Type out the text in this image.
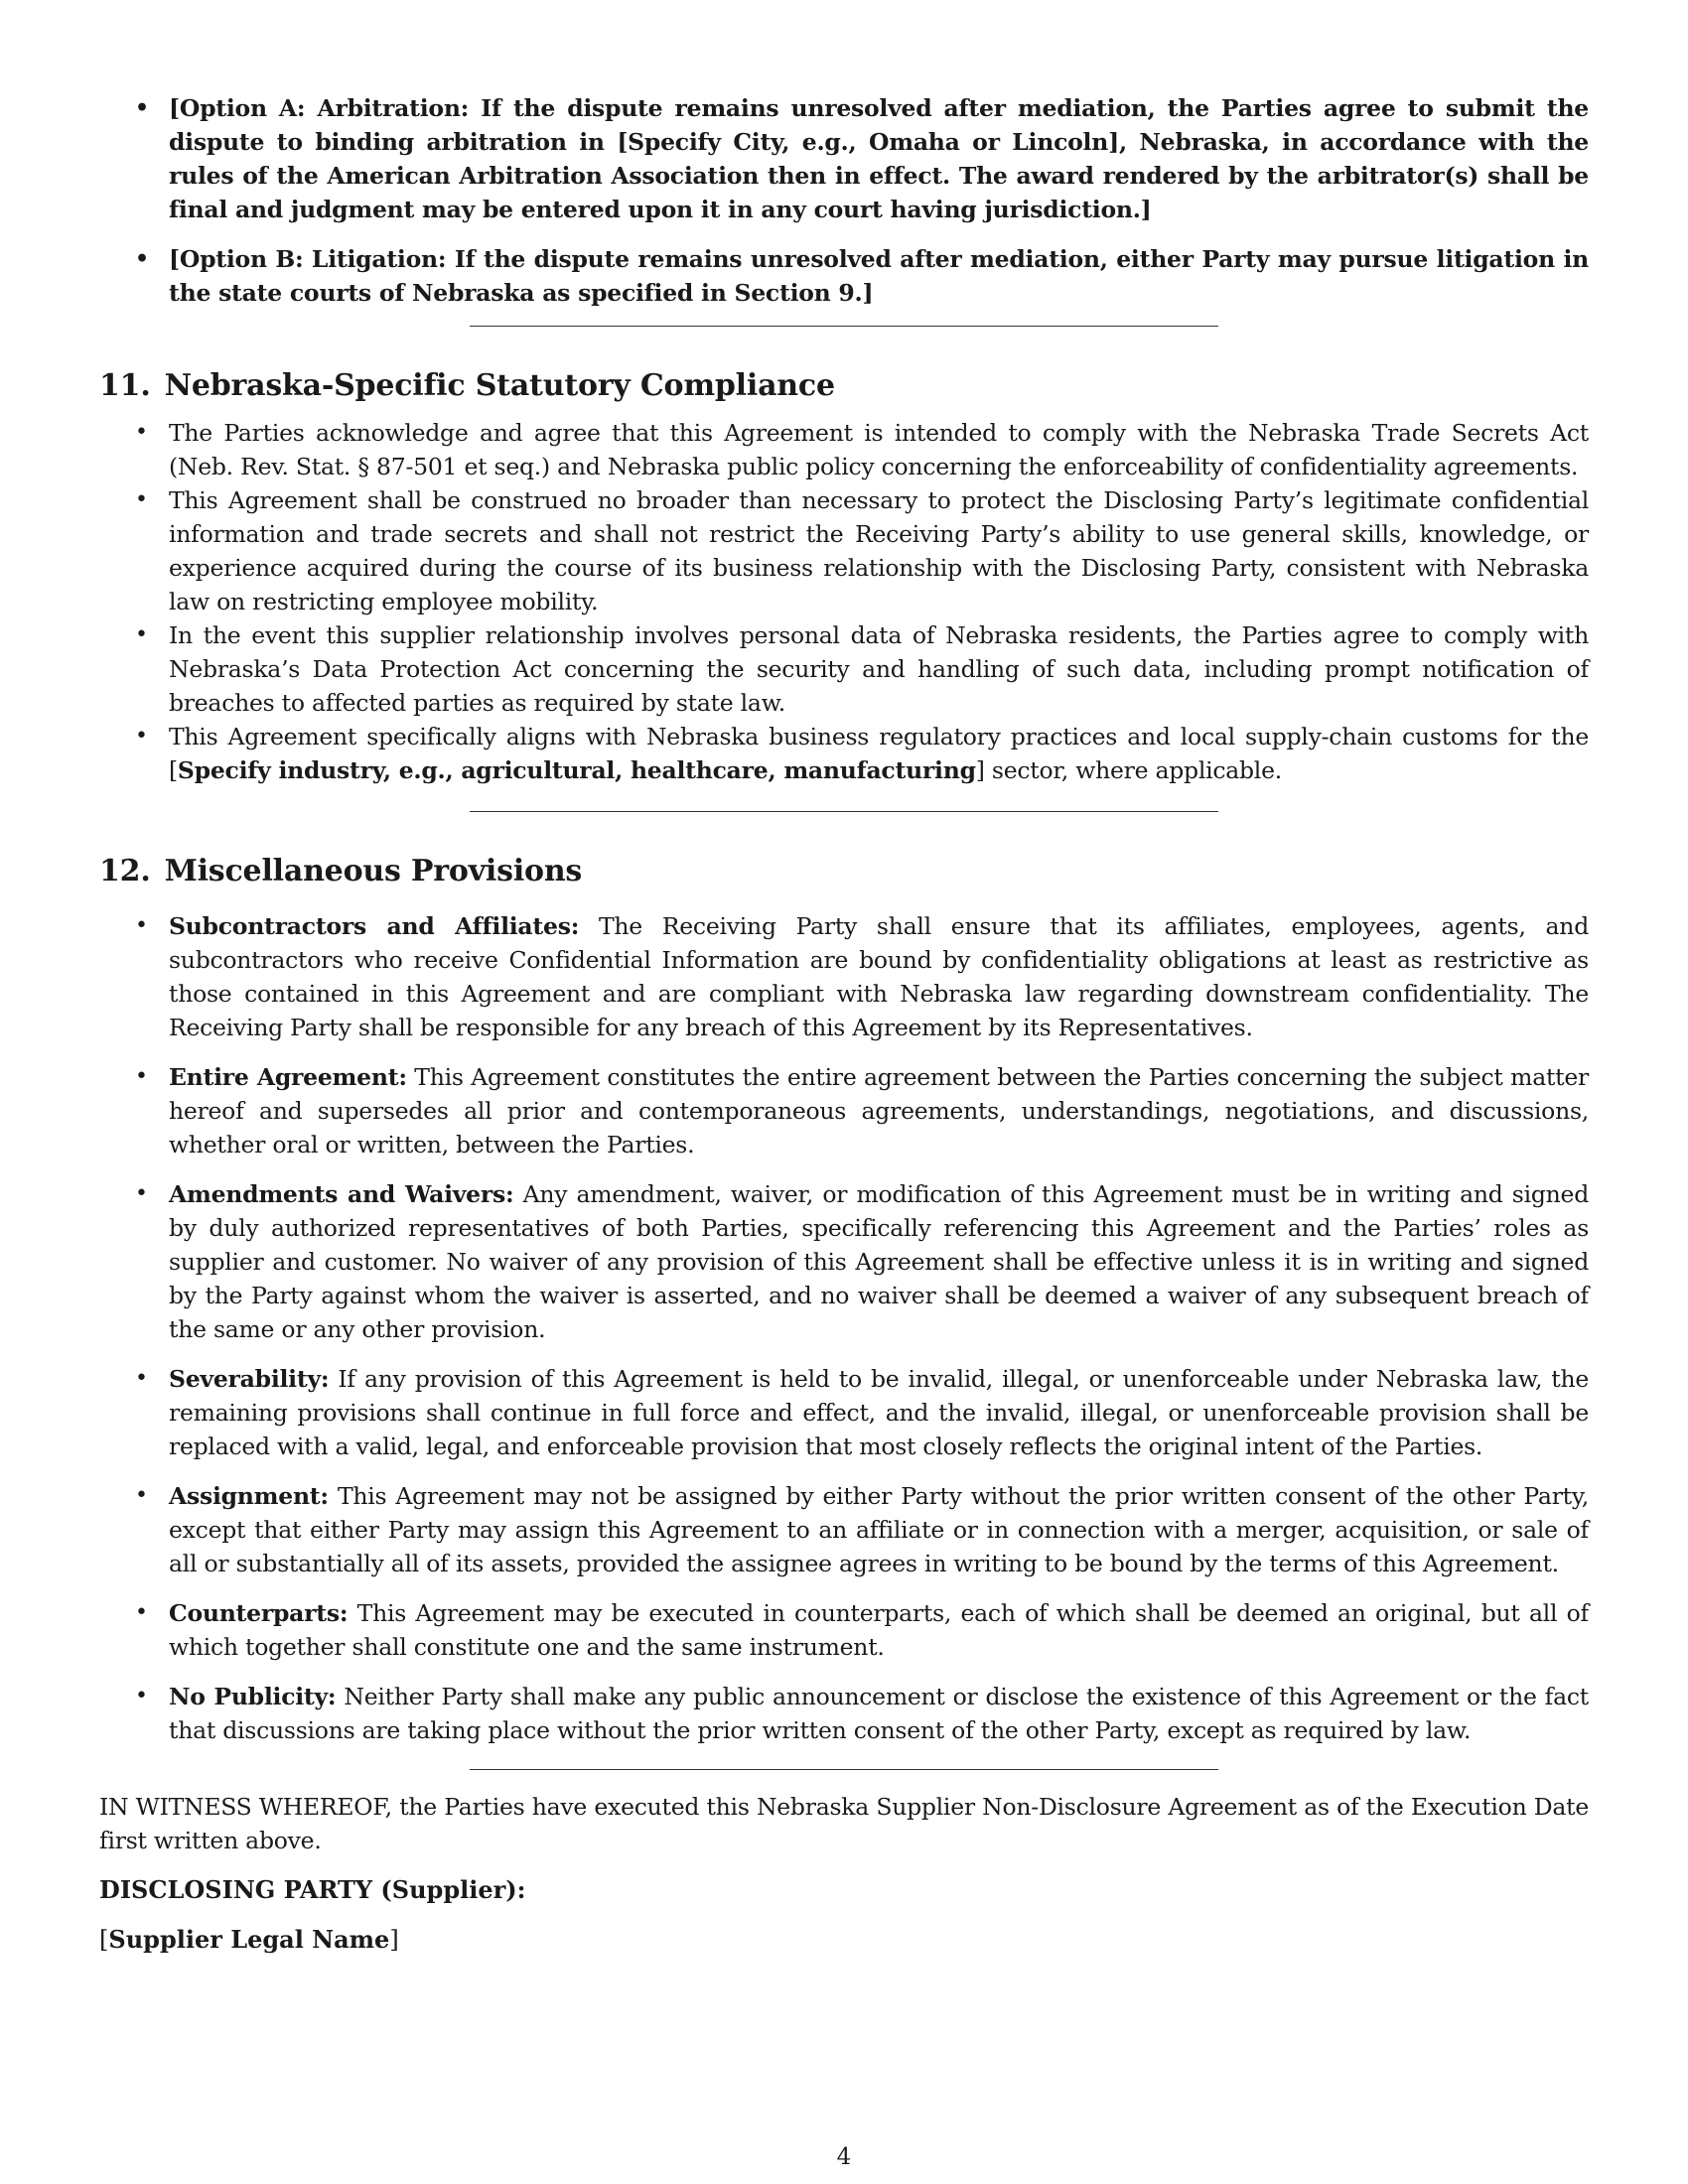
• [Option A: Arbitration: If the dispute remains unresolved after mediation, the Parties agree to submit the dispute to binding arbitration in [Specify City, e.g., Omaha or Lincoln], Nebraska, in accordance with the rules of the American Arbitration Association then in effect. The award rendered by the arbitrator(s) shall be final and judgment may be entered upon it in any court having jurisdiction.]
• [Option B: Litigation: If the dispute remains unresolved after mediation, either Party may pursue litigation in the state courts of Nebraska as specified in Section 9.]
11. Nebraska-Specific Statutory Compliance
• The Parties acknowledge and agree that this Agreement is intended to comply with the Nebraska Trade Secrets Act (Neb. Rev. Stat. § 87-501 et seq.) and Nebraska public policy concerning the enforceability of confidentiality agreements.
• This Agreement shall be construed no broader than necessary to protect the Disclosing Party’s legitimate confidential information and trade secrets and shall not restrict the Receiving Party’s ability to use general skills, knowledge, or experience acquired during the course of its business relationship with the Disclosing Party, consistent with Nebraska law on restricting employee mobility.
• In the event this supplier relationship involves personal data of Nebraska residents, the Parties agree to comply with Nebraska’s Data Protection Act concerning the security and handling of such data, including prompt notification of breaches to affected parties as required by state law.
• This Agreement specifically aligns with Nebraska business regulatory practices and local supply-chain customs for the [Specify industry, e.g., agricultural, healthcare, manufacturing] sector, where applicable.
12. Miscellaneous Provisions
• Subcontractors and Affiliates: The Receiving Party shall ensure that its affiliates, employees, agents, and subcontractors who receive Confidential Information are bound by confidentiality obligations at least as restrictive as those contained in this Agreement and are compliant with Nebraska law regarding downstream confidentiality. The Receiving Party shall be responsible for any breach of this Agreement by its Representatives.
• Entire Agreement: This Agreement constitutes the entire agreement between the Parties concerning the subject matter hereof and supersedes all prior and contemporaneous agreements, understandings, negotiations, and discussions, whether oral or written, between the Parties.
• Amendments and Waivers: Any amendment, waiver, or modification of this Agreement must be in writing and signed by duly authorized representatives of both Parties, specifically referencing this Agreement and the Parties’ roles as supplier and customer. No waiver of any provision of this Agreement shall be effective unless it is in writing and signed by the Party against whom the waiver is asserted, and no waiver shall be deemed a waiver of any subsequent breach of the same or any other provision.
• Severability: If any provision of this Agreement is held to be invalid, illegal, or unenforceable under Nebraska law, the remaining provisions shall continue in full force and effect, and the invalid, illegal, or unenforceable provision shall be replaced with a valid, legal, and enforceable provision that most closely reflects the original intent of the Parties.
• Assignment: This Agreement may not be assigned by either Party without the prior written consent of the other Party, except that either Party may assign this Agreement to an affiliate or in connection with a merger, acquisition, or sale of all or substantially all of its assets, provided the assignee agrees in writing to be bound by the terms of this Agreement.
• Counterparts: This Agreement may be executed in counterparts, each of which shall be deemed an original, but all of which together shall constitute one and the same instrument.
• No Publicity: Neither Party shall make any public announcement or disclose the existence of this Agreement or the fact that discussions are taking place without the prior written consent of the other Party, except as required by law.

IN WITNESS WHEREOF, the Parties have executed this Nebraska Supplier Non-Disclosure Agreement as of the Execution Date first written above.

DISCLOSING PARTY (Supplier):

[Supplier Legal Name]

4
